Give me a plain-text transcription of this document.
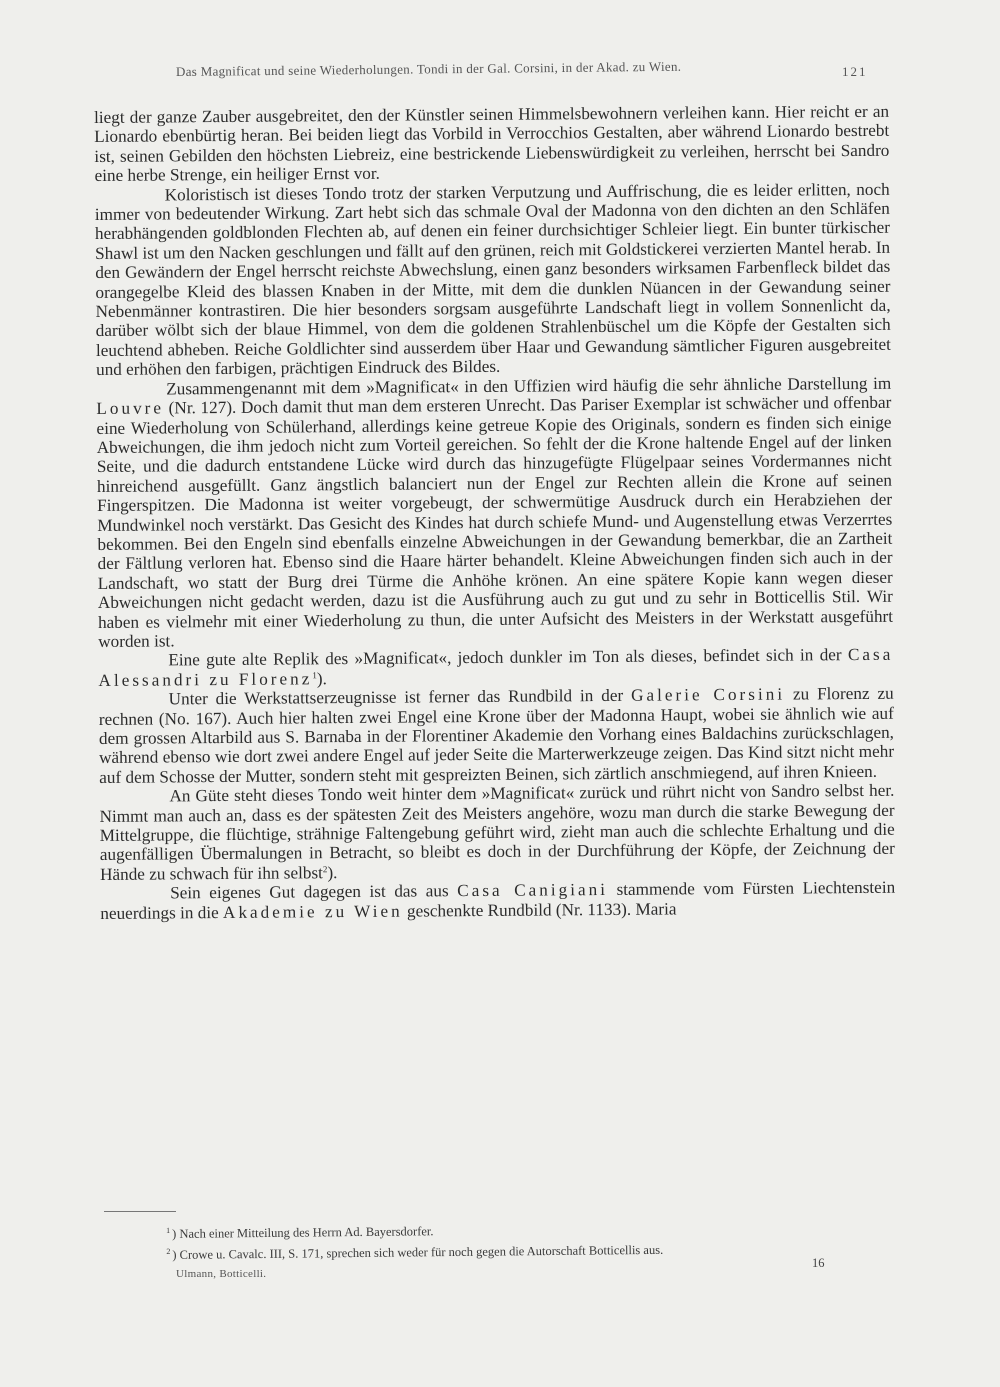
Das Magnificat und seine Wiederholungen. Tondi in der Gal. Corsini, in der Akad. zu Wien.	121

liegt der ganze Zauber ausgebreitet, den der Künstler seinen Himmelsbewohnern verleihen kann. Hier reicht er an Lionardo ebenbürtig heran. Bei beiden liegt das Vorbild in Verrocchios Gestalten, aber während Lionardo bestrebt ist, seinen Gebilden den höchsten Liebreiz, eine bestrickende Liebenswürdigkeit zu verleihen, herrscht bei Sandro eine herbe Strenge, ein heiliger Ernst vor.

Koloristisch ist dieses Tondo trotz der starken Verputzung und Auffrischung, die es leider erlitten, noch immer von bedeutender Wirkung. Zart hebt sich das schmale Oval der Madonna von den dichten an den Schläfen herabhängenden goldblonden Flechten ab, auf denen ein feiner durchsichtiger Schleier liegt. Ein bunter türkischer Shawl ist um den Nacken geschlungen und fällt auf den grünen, reich mit Goldstickerei verzierten Mantel herab. In den Gewändern der Engel herrscht reichste Abwechslung, einen ganz besonders wirksamen Farbenfleck bildet das orangegelbe Kleid des blassen Knaben in der Mitte, mit dem die dunklen Nüancen in der Gewandung seiner Nebenmänner kontrastiren. Die hier besonders sorgsam ausgeführte Landschaft liegt in vollem Sonnenlicht da, darüber wölbt sich der blaue Himmel, von dem die goldenen Strahlenbüschel um die Köpfe der Gestalten sich leuchtend abheben. Reiche Goldlichter sind ausserdem über Haar und Gewandung sämtlicher Figuren ausgebreitet und erhöhen den farbigen, prächtigen Eindruck des Bildes.

Zusammengenannt mit dem »Magnificat« in den Uffizien wird häufig die sehr ähnliche Darstellung im Louvre (Nr. 127). Doch damit thut man dem ersteren Unrecht. Das Pariser Exemplar ist schwächer und offenbar eine Wiederholung von Schülerhand, allerdings keine getreue Kopie des Originals, sondern es finden sich einige Abweichungen, die ihm jedoch nicht zum Vorteil gereichen. So fehlt der die Krone haltende Engel auf der linken Seite, und die dadurch entstandene Lücke wird durch das hinzugefügte Flügelpaar seines Vordermannes nicht hinreichend ausgefüllt. Ganz ängstlich balanciert nun der Engel zur Rechten allein die Krone auf seinen Fingerspitzen. Die Madonna ist weiter vorgebeugt, der schwermütige Ausdruck durch ein Herabziehen der Mundwinkel noch verstärkt. Das Gesicht des Kindes hat durch schiefe Mund- und Augenstellung etwas Verzerrtes bekommen. Bei den Engeln sind ebenfalls einzelne Abweichungen in der Gewandung bemerkbar, die an Zartheit der Fältlung verloren hat. Ebenso sind die Haare härter behandelt. Kleine Abweichungen finden sich auch in der Landschaft, wo statt der Burg drei Türme die Anhöhe krönen. An eine spätere Kopie kann wegen dieser Abweichungen nicht gedacht werden, dazu ist die Ausführung auch zu gut und zu sehr in Botticellis Stil. Wir haben es vielmehr mit einer Wiederholung zu thun, die unter Aufsicht des Meisters in der Werkstatt ausgeführt worden ist.

Eine gute alte Replik des »Magnificat«, jedoch dunkler im Ton als dieses, befindet sich in der Casa Alessandri zu Florenz$^1$).

Unter die Werkstattserzeugnisse ist ferner das Rundbild in der Galerie Corsini zu Florenz zu rechnen (No. 167). Auch hier halten zwei Engel eine Krone über der Madonna Haupt, wobei sie ähnlich wie auf dem grossen Altarbild aus S. Barnaba in der Florentiner Akademie den Vorhang eines Baldachins zurückschlagen, während ebenso wie dort zwei andere Engel auf jeder Seite die Marterwerkzeuge zeigen. Das Kind sitzt nicht mehr auf dem Schosse der Mutter, sondern steht mit gespreizten Beinen, sich zärtlich anschmiegend, auf ihren Knieen.

An Güte steht dieses Tondo weit hinter dem »Magnificat« zurück und rührt nicht von Sandro selbst her. Nimmt man auch an, dass es der spätesten Zeit des Meisters angehöre, wozu man durch die starke Bewegung der Mittelgruppe, die flüchtige, strähnige Faltengebung geführt wird, zieht man auch die schlechte Erhaltung und die augenfälligen Übermalungen in Betracht, so bleibt es doch in der Durchführung der Köpfe, der Zeichnung der Hände zu schwach für ihn selbst$^2$).

Sein eigenes Gut dagegen ist das aus Casa Canigiani stammende vom Fürsten Liechtenstein neuerdings in die Akademie zu Wien geschenkte Rundbild (Nr. 1133). Maria

$^1$ ) Nach einer Mitteilung des Herrn Ad. Bayersdorfer.
$^2$ ) Crowe u. Cavalc. III, S. 171, sprechen sich weder für noch gegen die Autorschaft Botticellis aus.
16
Ulmann, Botticelli.
